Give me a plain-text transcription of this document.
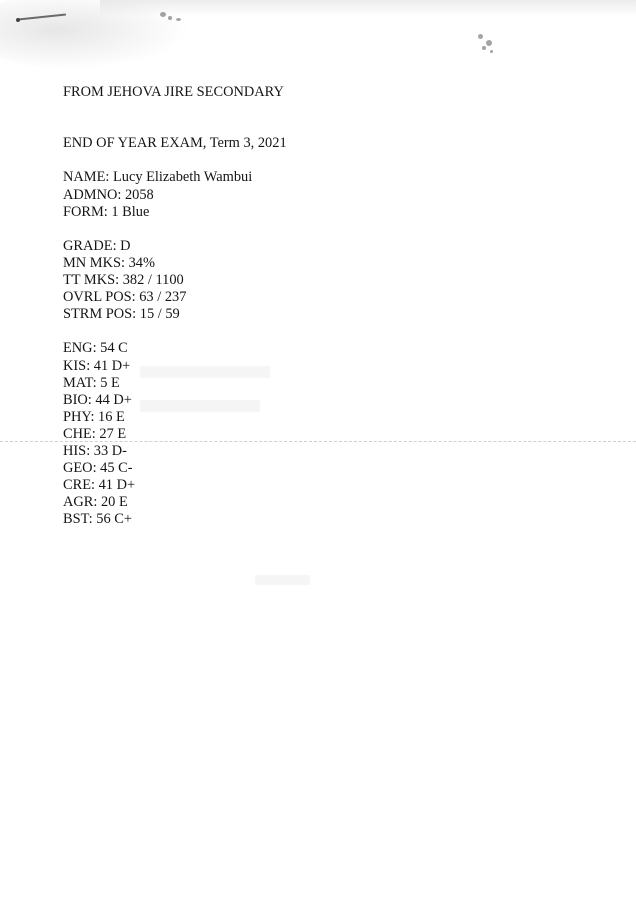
FROM JEHOVA JIRE SECONDARY
END OF YEAR EXAM, Term 3, 2021
NAME: Lucy Elizabeth Wambui
ADMNO: 2058
FORM: 1 Blue
GRADE: D
MN MKS: 34%
TT MKS: 382 / 1100
OVRL POS: 63 / 237
STRM POS: 15 / 59
ENG: 54 C
KIS: 41 D+
MAT: 5 E
BIO: 44 D+
PHY: 16 E
CHE: 27 E
HIS: 33 D-
GEO: 45 C-
CRE: 41 D+
AGR: 20 E
BST: 56 C+
